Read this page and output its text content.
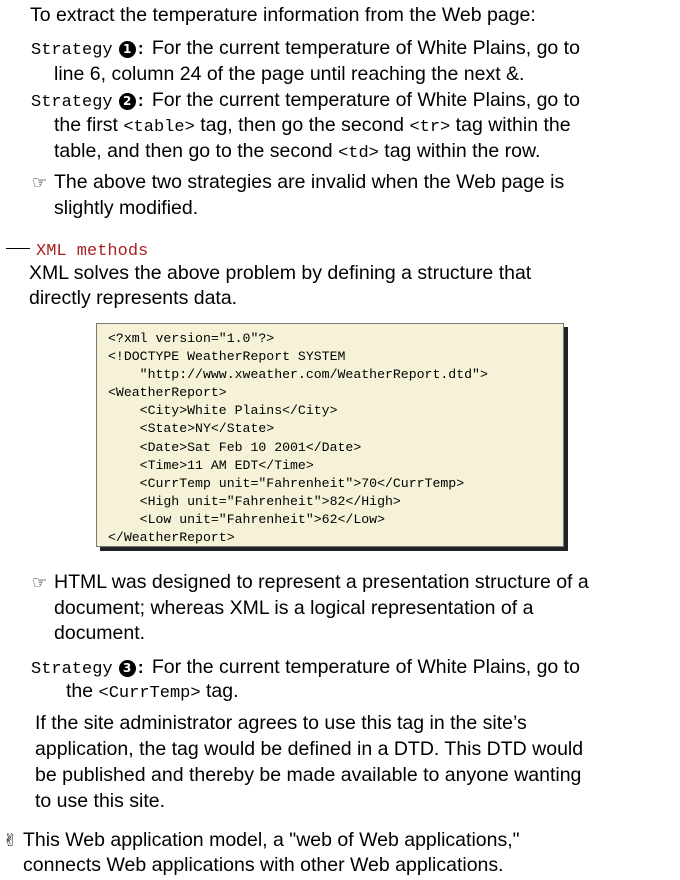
To extract the temperature information from the Web page:
Strategy 1 : For the current temperature of White Plains, go to
line 6, column 24 of the page until reaching the next &.
Strategy 2 : For the current temperature of White Plains, go to
the first <table> tag, then go the second <tr> tag within the
table, and then go to the second <td> tag within the row.
☞ The above two strategies are invalid when the Web page is
slightly modified.
XML methods
XML solves the above problem by defining a structure that
directly represents data.
<?xml version="1.0"?>
<!DOCTYPE WeatherReport SYSTEM
"http://www.xweather.com/WeatherReport.dtd">
<WeatherReport>
<City>White Plains</City>
<State>NY</State>
<Date>Sat Feb 10 2001</Date>
<Time>11 AM EDT</Time>
<CurrTemp unit="Fahrenheit">70</CurrTemp>
<High unit="Fahrenheit">82</High>
<Low unit="Fahrenheit">62</Low>
</WeatherReport>
☞ HTML was designed to represent a presentation structure of a
document; whereas XML is a logical representation of a
document.
Strategy 3 : For the current temperature of White Plains, go to
the <CurrTemp> tag.
If the site administrator agrees to use this tag in the site’s
application, the tag would be defined in a DTD. This DTD would
be published and thereby be made available to anyone wanting
to use this site.
✌ This Web application model, a "web of Web applications,"
connects Web applications with other Web applications.
